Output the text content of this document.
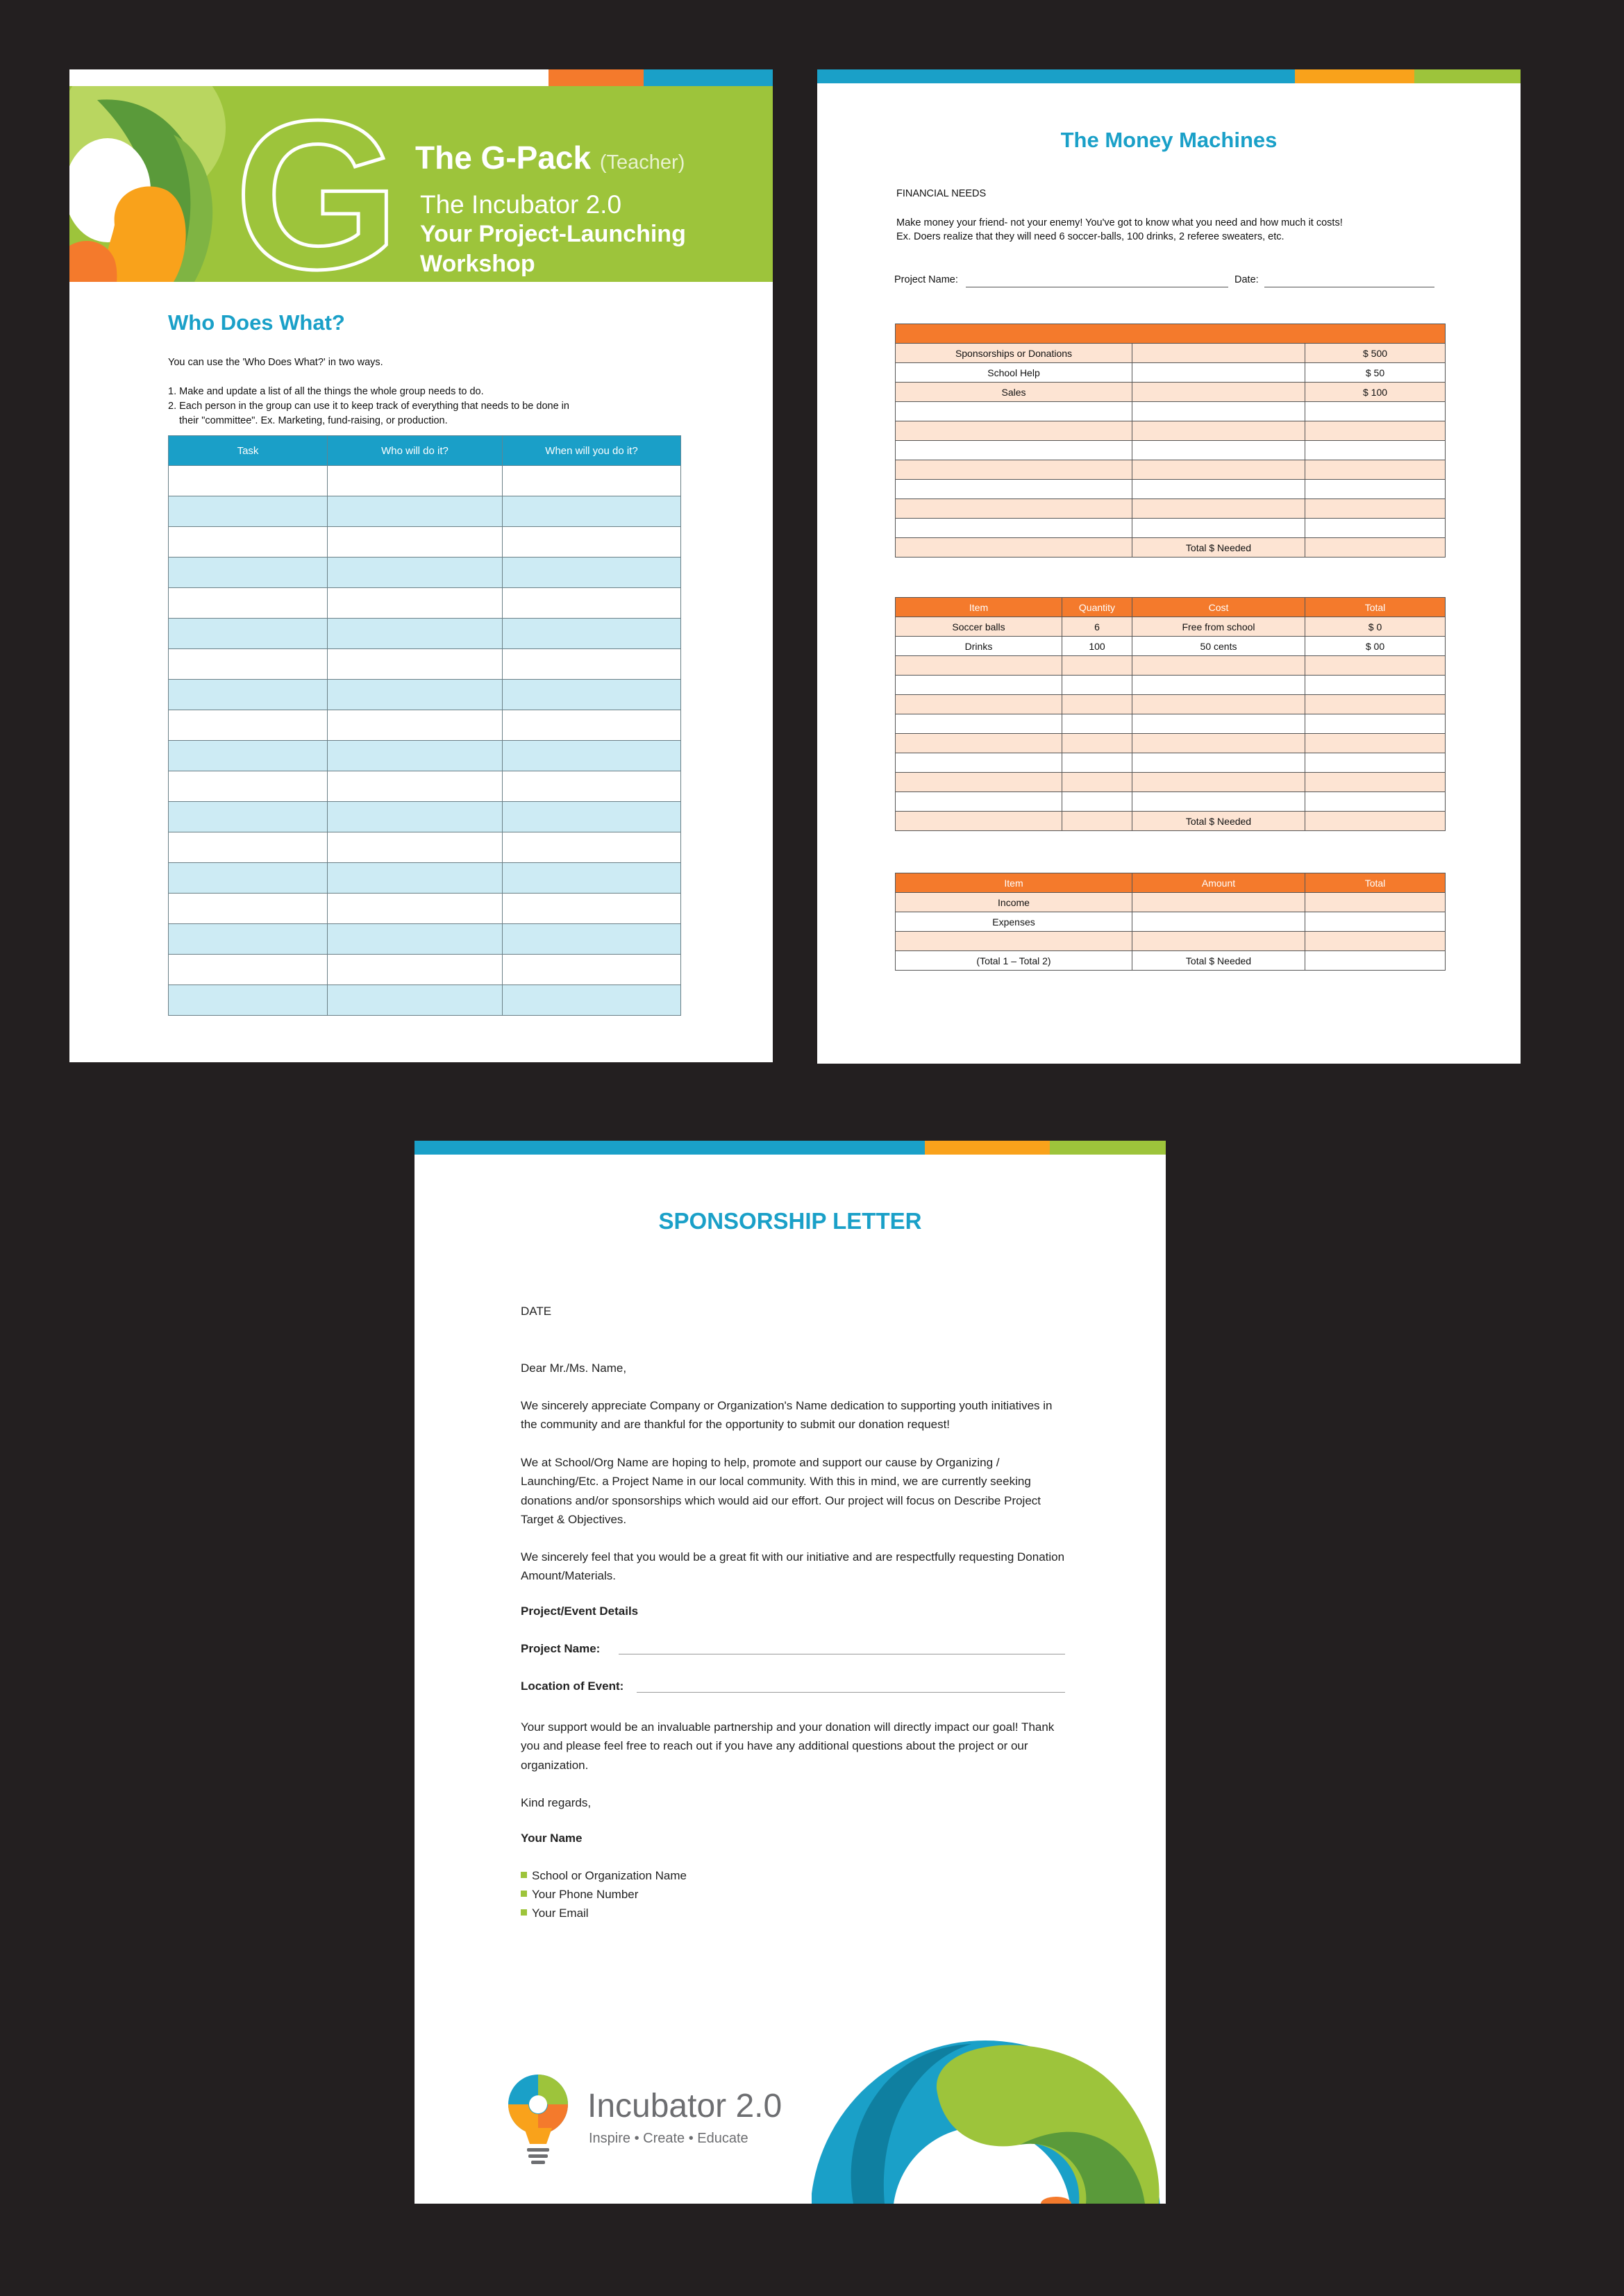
G The G-Pack (Teacher)
The Incubator 2.0
Your Project-Launching
Workshop
Who Does What?
You can use the 'Who Does What?' in two ways.
1. Make and update a list of all the things the whole group needs to do.
2. Each person in the group can use it to keep track of everything that needs to be done in
their "committee". Ex. Marketing, fund-raising, or production.
Task	Who will do it?	When will you do it?

The Money Machines
FINANCIAL NEEDS
Make money your friend- not your enemy! You've got to know what you need and how much it costs!
Ex. Doers realize that they will need 6 soccer-balls, 100 drinks, 2 referee sweaters, etc.
Project Name:	Date:

Sponsorships or Donations		$ 500
School Help		$ 50
Sales		$ 100

	Total $ Needed	
Item	Quantity	Cost	Total
Soccer balls	6	Free from school	$ 0
Drinks	100	50 cents	$ 00

		Total $ Needed	
Item	Amount	Total
Income		
Expenses		

(Total 1 – Total 2)	Total $ Needed	
SPONSORSHIP LETTER
DATE
Dear Mr./Ms. Name,
We sincerely appreciate Company or Organization's Name dedication to supporting youth initiatives in the community and are thankful for the opportunity to submit our donation request!
We at School/Org Name are hoping to help, promote and support our cause by Organizing / Launching/Etc. a Project Name in our local community. With this in mind, we are currently seeking donations and/or sponsorships which would aid our effort. Our project will focus on Describe Project Target & Objectives.
We sincerely feel that you would be a great fit with our initiative and are respectfully requesting Donation Amount/Materials.
Project/Event Details
Project Name:
Location of Event:
Your support would be an invaluable partnership and your donation will directly impact our goal! Thank you and please feel free to reach out if you have any additional questions about the project or our organization.
Kind regards,
Your Name
School or Organization Name
Your Phone Number
Your Email
Incubator 2.0
Inspire • Create • Educate
